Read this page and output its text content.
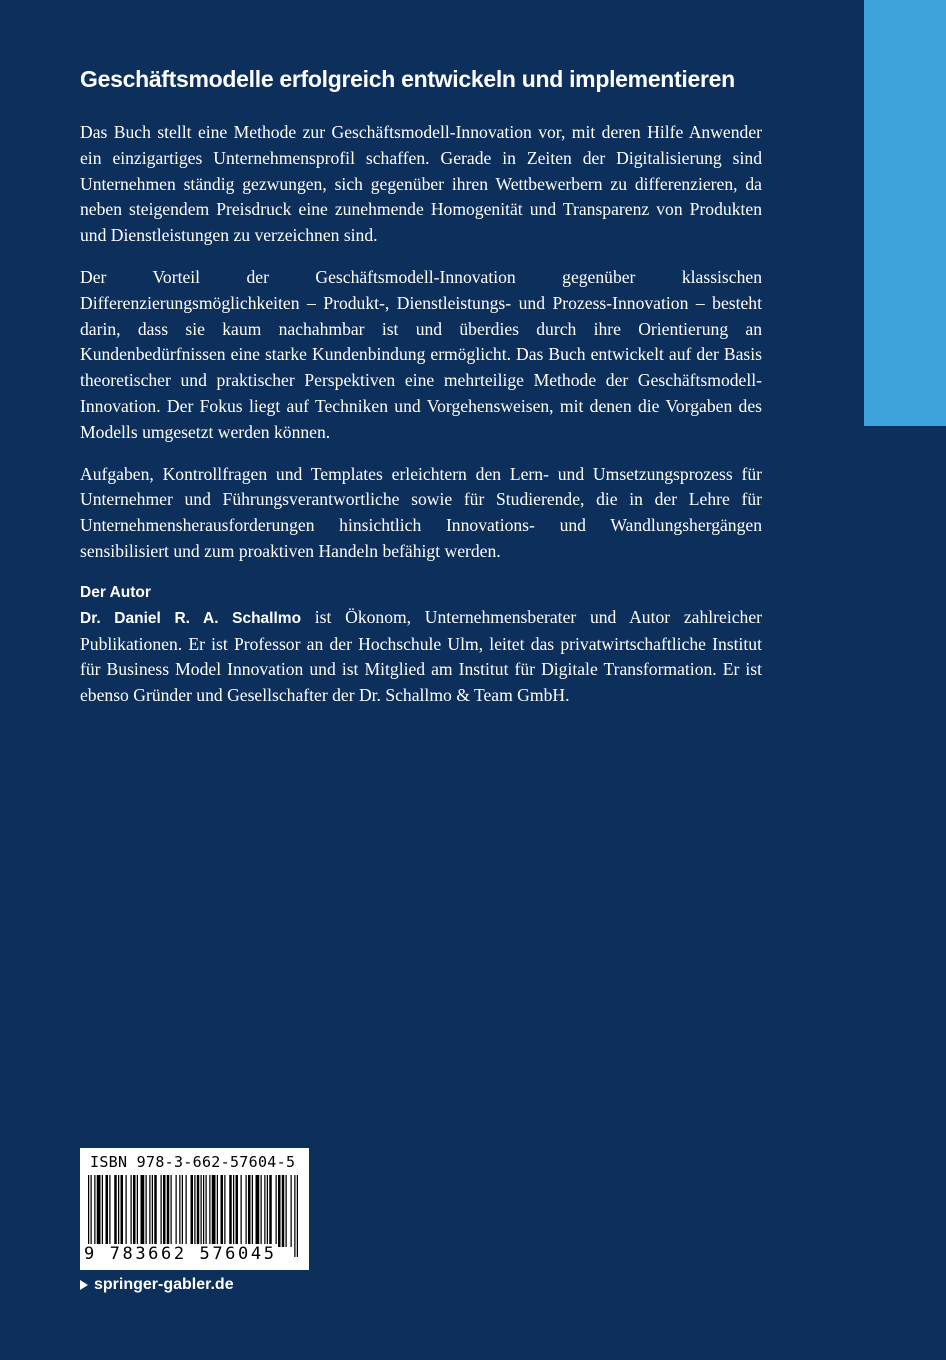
Geschäftsmodelle erfolgreich entwickeln und implementieren

Das Buch stellt eine Methode zur Geschäftsmodell-Innovation vor, mit deren Hilfe Anwender ein einzigartiges Unternehmensprofil schaffen. Gerade in Zeiten der Digitalisierung sind Unternehmen ständig gezwungen, sich gegenüber ihren Wettbewerbern zu differenzieren, da neben steigendem Preisdruck eine zunehmende Homogenität und Transparenz von Produkten und Dienstleistungen zu verzeichnen sind.

Der Vorteil der Geschäftsmodell-Innovation gegenüber klassischen Differenzierungsmöglichkeiten – Produkt-, Dienstleistungs- und Prozess-Innovation – besteht darin, dass sie kaum nachahmbar ist und überdies durch ihre Orientierung an Kundenbedürfnissen eine starke Kundenbindung ermöglicht. Das Buch entwickelt auf der Basis theoretischer und praktischer Perspektiven eine mehrteilige Methode der Geschäftsmodell-Innovation. Der Fokus liegt auf Techniken und Vorgehensweisen, mit denen die Vorgaben des Modells umgesetzt werden können.

Aufgaben, Kontrollfragen und Templates erleichtern den Lern- und Umsetzungsprozess für Unternehmer und Führungsverantwortliche sowie für Studierende, die in der Lehre für Unternehmensherausforderungen hinsichtlich Innovations- und Wandlungshergängen sensibilisiert und zum proaktiven Handeln befähigt werden.

Der Autor

Dr. Daniel R. A. Schallmo ist Ökonom, Unternehmensberater und Autor zahlreicher Publikationen. Er ist Professor an der Hochschule Ulm, leitet das privatwirtschaftliche Institut für Business Model Innovation und ist Mitglied am Institut für Digitale Transformation. Er ist ebenso Gründer und Gesellschafter der Dr. Schallmo & Team GmbH.

ISBN 978-3-662-57604-5
9 783662 576045
springer-gabler.de
